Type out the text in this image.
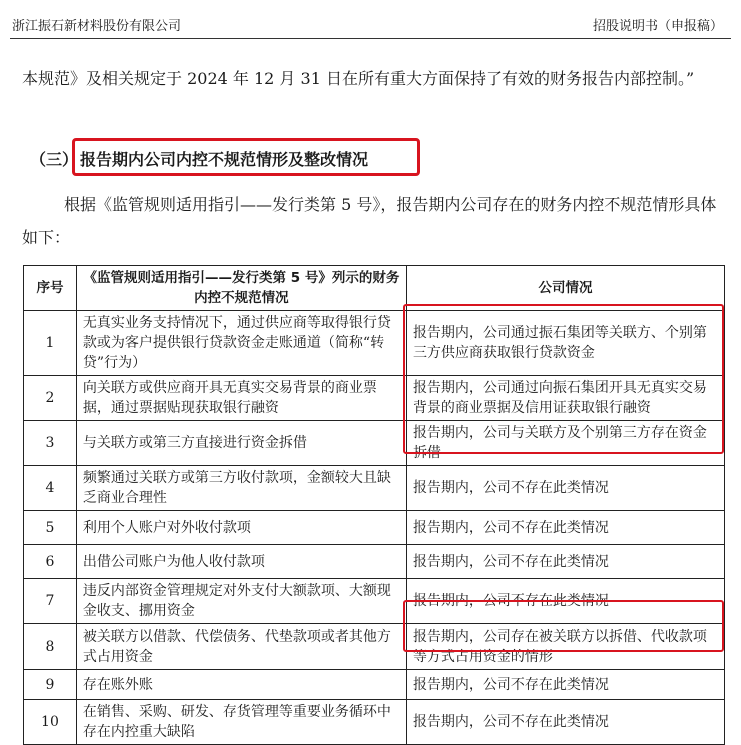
浙江振石新材料股份有限公司	招股说明书（申报稿）
本规范》及相关规定于 2024 年 12 月 31 日在所有重大方面保持了有效的财务报告内部控制。”
（三） 报告期内公司内控不规范情形及整改情况
根据《监管规则适用指引——发行类第 5 号》，报告期内公司存在的财务内控不规范情形具体如下：
序号	《监管规则适用指引——发行类第 5 号》列示的财务内控不规范情况	公司情况
1	无真实业务支持情况下，通过供应商等取得银行贷款或为客户提供银行贷款资金走账通道（简称“转贷”行为）	报告期内，公司通过振石集团等关联方、个别第三方供应商获取银行贷款资金
2	向关联方或供应商开具无真实交易背景的商业票据，通过票据贴现获取银行融资	报告期内，公司通过向振石集团开具无真实交易背景的商业票据及信用证获取银行融资
3	与关联方或第三方直接进行资金拆借	报告期内，公司与关联方及个别第三方存在资金拆借
4	频繁通过关联方或第三方收付款项，金额较大且缺乏商业合理性	报告期内，公司不存在此类情况
5	利用个人账户对外收付款项	报告期内，公司不存在此类情况
6	出借公司账户为他人收付款项	报告期内，公司不存在此类情况
7	违反内部资金管理规定对外支付大额款项、大额现金收支、挪用资金	报告期内，公司不存在此类情况
8	被关联方以借款、代偿债务、代垫款项或者其他方式占用资金	报告期内，公司存在被关联方以拆借、代收款项等方式占用资金的情形
9	存在账外账	报告期内，公司不存在此类情况
10	在销售、采购、研发、存货管理等重要业务循环中存在内控重大缺陷	报告期内，公司不存在此类情况
